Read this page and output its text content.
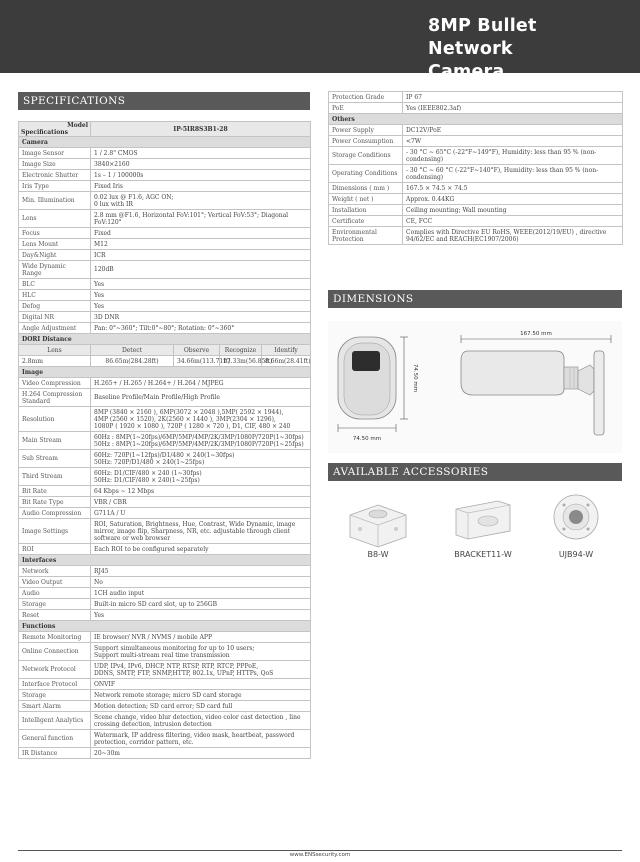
8MP Bullet Network
Camera
SPECIFICATIONS
DIMENSIONS
AVAILABLE ACCESSORIES
Model
Specifications	IP-5IR8S3B1-28			
Camera				
Image Sensor	1 / 2.8" CMOS			
Image Size	3840×2160			
Electronic Shutter	1s – 1 / 100000s			
Iris Type	Fixed Iris			
Min. Illumination	0.02 lux @ F1.6, AGC ON;
0 lux with IR			
Lens	2.8 mm @F1.6, Horizontal FoV:101°; Vertical FoV:53°; Diagonal FoV:120°			
Focus	Fixed			
Lens Mount	M12			
Day&Night	ICR			
Wide Dynamic Range	120dB			
BLC	Yes			
HLC	Yes			
Defog	Yes			
Digital NR	3D DNR			
Angle Adjustment	Pan: 0°~360°; Tilt:0°~80°; Rotation: 0°~360°			
DORI Distance				
Lens	Detect	Observe	Recognize	Identify
2.8mm	86.65m(284.28ft)	34.66m(113.71ft)	17.33m(56.85ft)	8.66m(28.41ft)
Image				
Video Compression	H.265+ / H.265 / H.264+ / H.264 / MJPEG			
H.264 Compression Standard	Baseline Profile/Main Profile/High Profile			
Resolution	8MP (3840 × 2160 ), 6MP(3072 × 2048 ),5MP( 2592 × 1944),
4MP (2560 × 1520), 2K(2560 × 1440 ), 3MP(2304 × 1296),
1080P ( 1920 × 1080 ), 720P ( 1280 × 720 ), D1, CIF, 480 × 240			
Main Stream	60Hz : 8MP(1~20fps)/6MP/5MP/4MP/2K/3MP/1080P/720P(1~30fps)
50Hz : 8MP(1~20fps)/6MP/5MP/4MP/2K/3MP/1080P/720P(1~25fps)			
Sub Stream	60Hz: 720P(1~12fps)/D1/480 × 240(1~30fps)
50Hz: 720P/D1/480 × 240(1~25fps)			
Third Stream	60Hz: D1/CIF/480 × 240 (1~30fps)
50Hz: D1/CIF/480 × 240(1~25fps)			
Bit Rate	64 Kbps ~ 12 Mbps			
Bit Rate Type	VBR / CBR			
Audio Compression	G711A / U			
Image Settings	ROI, Saturation, Brightness, Hue, Contrast, Wide Dynamic, image mirror, image flip, Sharpness, NR, etc. adjustable through client software or web browser			
ROI	Each ROI to be configured separately			
Interfaces				
Network	RJ45			
Video Output	No			
Audio	1CH audio input			
Storage	Built-in micro SD card slot, up to 256GB			
Reset	Yes			
Functions				
Remote Monitoring	IE browser/ NVR / NVMS / mobile APP			
Online Connection	Support simultaneous monitoring for up to 10 users;
Support multi-stream real time transmission			
Network Protocol	UDP, IPv4, IPv6, DHCP, NTP, RTSP, RTP, RTCP, PPPoE,
DDNS, SMTP, FTP, SNMP,HTTP, 802.1x, UPnP, HTTPs, QoS			
Interface Protocol	ONVIF			
Storage	Network remote storage; micro SD card storage			
Smart Alarm	Motion detection; SD card error; SD card full			
Intelligent Analytics	Scene change, video blur detection, video color cast detection , line crossing detection, intrusion detection			
General function	Watermark, IP address filtering, video mask, heartbeat, password protection, corridor pattern, etc.			
IR Distance	20~30m			
Protection Grade	IP 67
PoE	Yes (IEEE802.3af)
Others	
Power Supply	DC12V/PoE
Power Consumption	<7W
Storage Conditions	- 30 °C ~ 65°C (-22°F~149°F), Humidity: less than 95 % (non-condensing)
Operating Conditions	- 30 °C ~ 60 °C (-22°F~140°F), Humidity: less than 95 % (non-condensing)
Dimensions ( mm )	167.5 × 74.5 × 74.5
Weight ( net )	Approx. 0.44KG
Installation	Ceiling mounting; Wall mounting
Certificate	CE, FCC
Environmental Protection	Complies with Directive EU RoHS, WEEE(2012/19/EU) , directive 94/62/EC and REACH(EC1907/2006)
74.50 mm
74.50 mm
167.50 mm
B8-W	BRACKET11-W	UJB94-W
www.ENSsecurity.com
